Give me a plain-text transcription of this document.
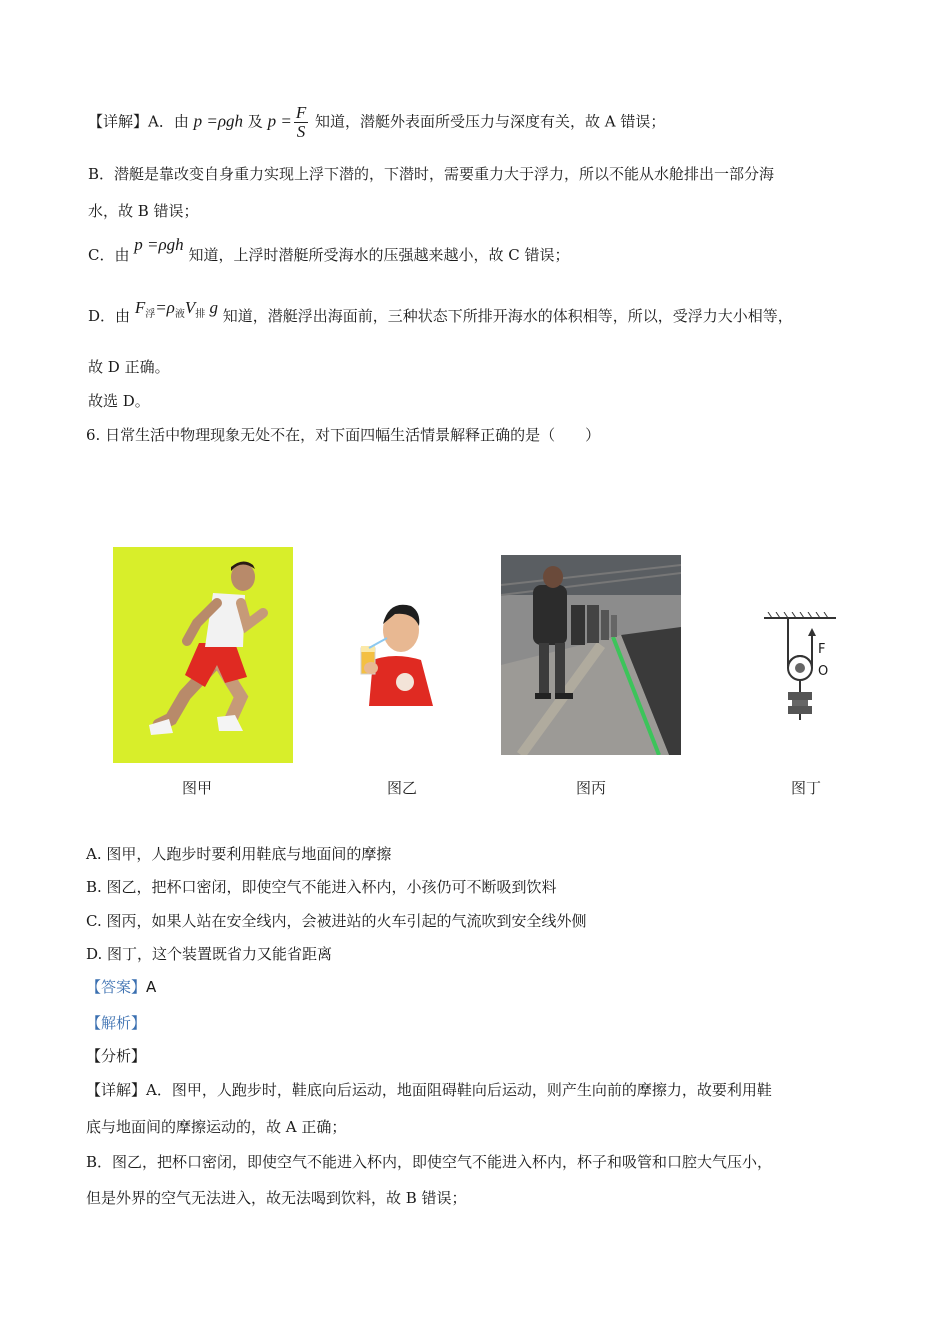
【详解】A．由 p =ρgh 及 $p = \frac{F}{S}$ 知道，潜艇外表面所受压力与深度有关，故 A 错误；
B．潜艇是靠改变自身重力实现上浮下潜的，下潜时，需要重力大于浮力，所以不能从水舱排出一部分海
水，故 B 错误；
C．由 p =ρgh 知道，上浮时潜艇所受海水的压强越来越小，故 C 错误；
D．由 $F_浮=\rho_液V_排$ g 知道，潜艇浮出海面前，三种状态下所排开海水的体积相等，所以，受浮力大小相等，
故 D 正确。
故选 D。
6. 日常生活中物理现象无处不在，对下面四幅生活情景解释正确的是（　　）
图甲	图乙	图丙
F
O
图丁
A. 图甲，人跑步时要利用鞋底与地面间的摩擦
B. 图乙，把杯口密闭，即使空气不能进入杯内，小孩仍可不断吸到饮料
C. 图丙，如果人站在安全线内，会被进站的火车引起的气流吹到安全线外侧
D. 图丁，这个装置既省力又能省距离
【答案】A
【解析】
【分析】
【详解】A．图甲，人跑步时，鞋底向后运动，地面阻碍鞋向后运动，则产生向前的摩擦力，故要利用鞋
底与地面间的摩擦运动的，故 A 正确；
B．图乙，把杯口密闭，即使空气不能进入杯内，即使空气不能进入杯内，杯子和吸管和口腔大气压小，
但是外界的空气无法进入，故无法喝到饮料，故 B 错误；
